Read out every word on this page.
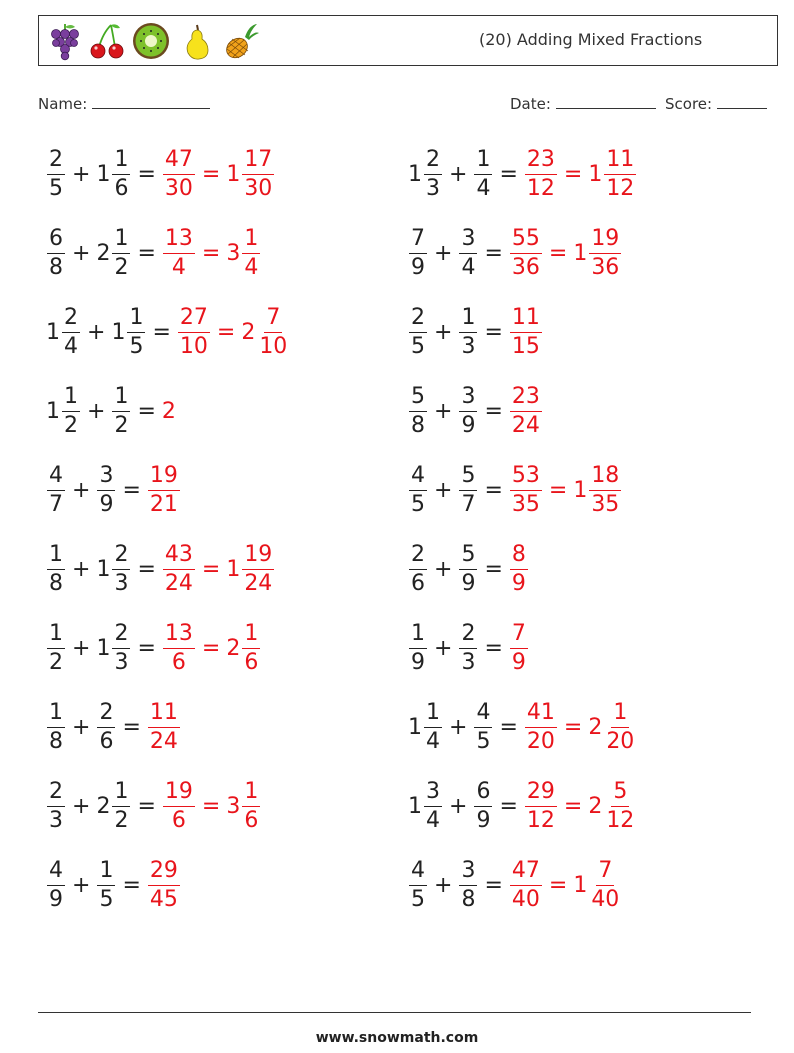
(20) Adding Mixed Fractions
Name:	Date:	Score:
$\frac{2}{5} + 1 \frac{1}{6} = \frac{47}{30} = 1 \frac{17}{30}$	$1 \frac{2}{3} + \frac{1}{4} = \frac{23}{12} = 1 \frac{11}{12}$
$\frac{6}{8} + 2 \frac{1}{2} = \frac{13}{4} = 3 \frac{1}{4}$	$\frac{7}{9} + \frac{3}{4} = \frac{55}{36} = 1 \frac{19}{36}$
$1 \frac{2}{4} + 1 \frac{1}{5} = \frac{27}{10} = 2 \frac{7}{10}$	$\frac{2}{5} + \frac{1}{3} = \frac{11}{15}$
$1 \frac{1}{2} + \frac{1}{2} = 2$	$\frac{5}{8} + \frac{3}{9} = \frac{23}{24}$
$\frac{4}{7} + \frac{3}{9} = \frac{19}{21}$	$\frac{4}{5} + \frac{5}{7} = \frac{53}{35} = 1 \frac{18}{35}$
$\frac{1}{8} + 1 \frac{2}{3} = \frac{43}{24} = 1 \frac{19}{24}$	$\frac{2}{6} + \frac{5}{9} = \frac{8}{9}$
$\frac{1}{2} + 1 \frac{2}{3} = \frac{13}{6} = 2 \frac{1}{6}$	$\frac{1}{9} + \frac{2}{3} = \frac{7}{9}$
$\frac{1}{8} + \frac{2}{6} = \frac{11}{24}$	$1 \frac{1}{4} + \frac{4}{5} = \frac{41}{20} = 2 \frac{1}{20}$
$\frac{2}{3} + 2 \frac{1}{2} = \frac{19}{6} = 3 \frac{1}{6}$	$1 \frac{3}{4} + \frac{6}{9} = \frac{29}{12} = 2 \frac{5}{12}$
$\frac{4}{9} + \frac{1}{5} = \frac{29}{45}$	$\frac{4}{5} + \frac{3}{8} = \frac{47}{40} = 1 \frac{7}{40}$
www.snowmath.com
